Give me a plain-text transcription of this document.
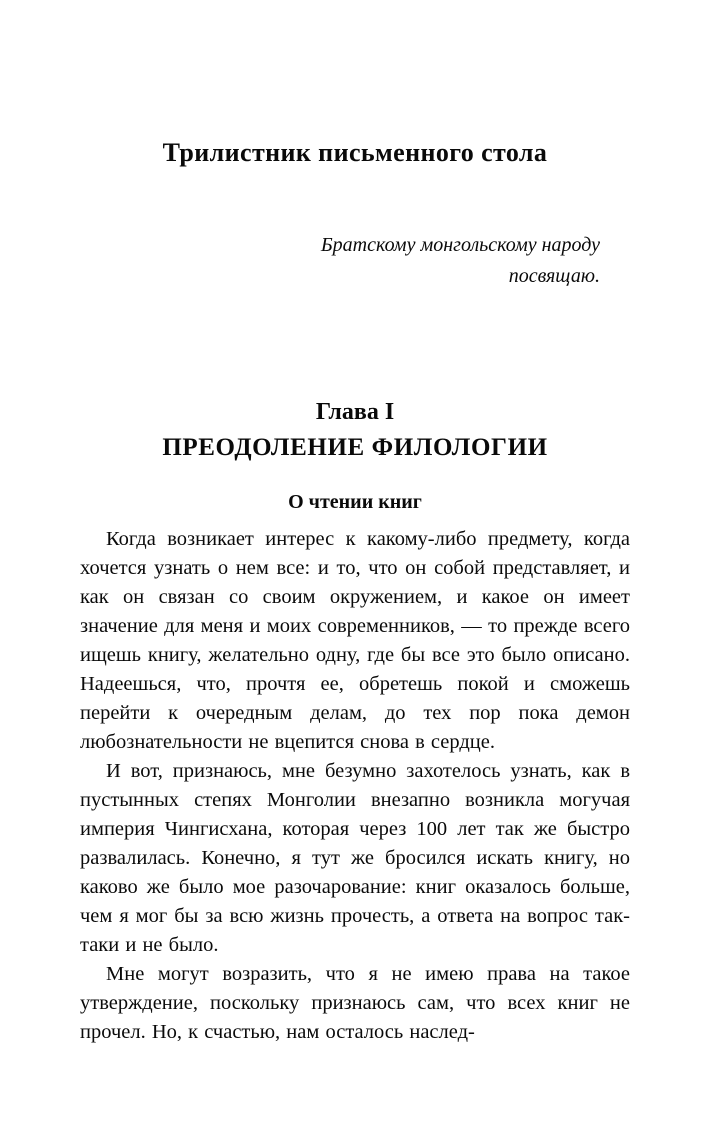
Трилистник письменного стола
Братскому монгольскому народу
посвящаю.
Глава I
ПРЕОДОЛЕНИЕ ФИЛОЛОГИИ
О чтении книг

Когда возникает интерес к какому-либо предмету, когда хочется узнать о нем все: и то, что он собой представляет, и как он связан со своим окружением, и какое он имеет значение для меня и моих современников, — то прежде всего ищешь книгу, желательно одну, где бы все это было описано. Надеешься, что, прочтя ее, обретешь покой и сможешь перейти к очередным делам, до тех пор пока демон любознательности не вцепится снова в сердце.

И вот, признаюсь, мне безумно захотелось узнать, как в пустынных степях Монголии внезапно возникла могучая империя Чингисхана, которая через 100 лет так же быстро развалилась. Конечно, я тут же бросился искать книгу, но каково же было мое разочарование: книг оказалось больше, чем я мог бы за всю жизнь прочесть, а ответа на вопрос так-таки и не было.

Мне могут возразить, что я не имею права на такое утверждение, поскольку признаюсь сам, что всех книг не прочел. Но, к счастью, нам осталось наслед-
